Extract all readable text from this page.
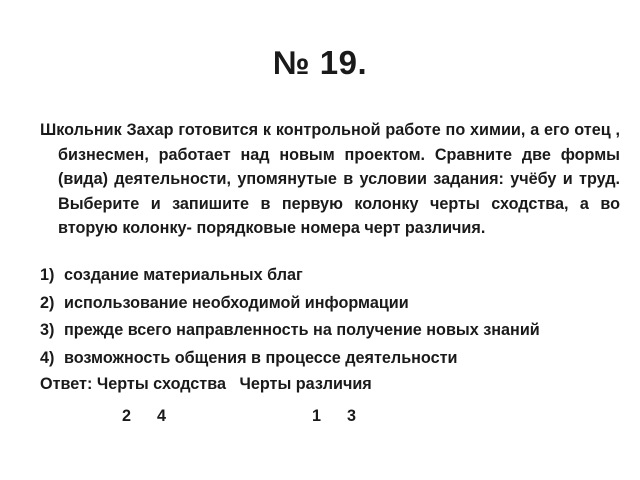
№ 19.
Школьник Захар готовится к контрольной работе по химии, а его отец , бизнесмен, работает над новым проектом. Сравните две формы (вида) деятельности, упомянутые в условии задания: учёбу и труд. Выберите и запишите в первую колонку черты сходства, а во вторую колонку- порядковые номера черт различия.
1) создание материальных благ
2) использование необходимой информации
3) прежде всего направленность на получение новых знаний
4) возможность общения в процессе деятельности
Ответ: Черты сходства Черты различия
2 4	1 3
